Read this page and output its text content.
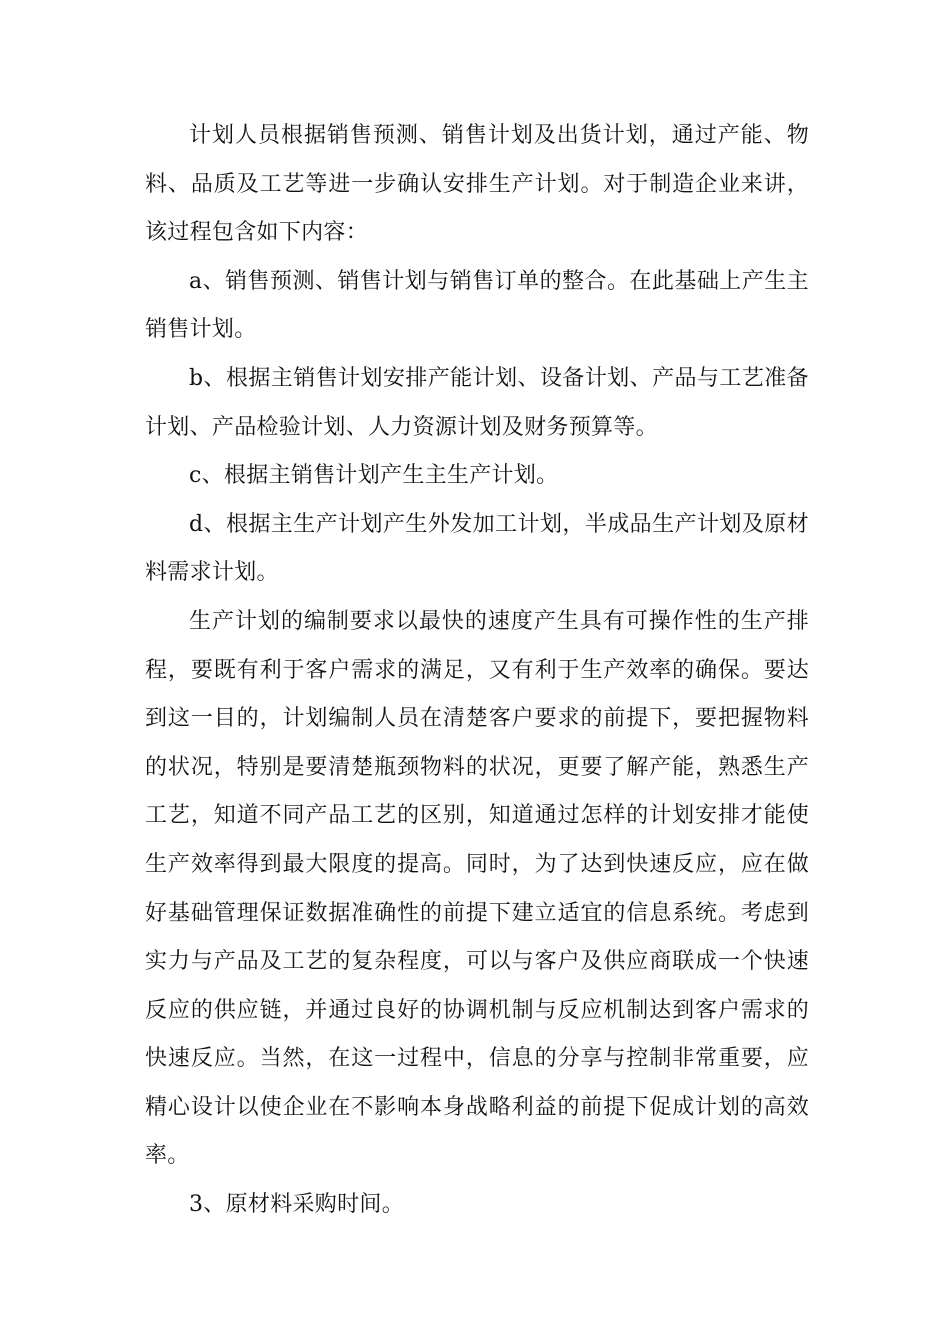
计划人员根据销售预测、销售计划及出货计划，通过产能、物料、品质及工艺等进一步确认安排生产计划。对于制造企业来讲，该过程包含如下内容：

a、销售预测、销售计划与销售订单的整合。在此基础上产生主销售计划。

b、根据主销售计划安排产能计划、设备计划、产品与工艺准备计划、产品检验计划、人力资源计划及财务预算等。

c、根据主销售计划产生主生产计划。

d、根据主生产计划产生外发加工计划，半成品生产计划及原材料需求计划。

生产计划的编制要求以最快的速度产生具有可操作性的生产排程，要既有利于客户需求的满足，又有利于生产效率的确保。要达到这一目的，计划编制人员在清楚客户要求的前提下，要把握物料的状况，特别是要清楚瓶颈物料的状况，更要了解产能，熟悉生产工艺，知道不同产品工艺的区别，知道通过怎样的计划安排才能使生产效率得到最大限度的提高。同时，为了达到快速反应，应在做好基础管理保证数据准确性的前提下建立适宜的信息系统。考虑到实力与产品及工艺的复杂程度，可以与客户及供应商联成一个快速反应的供应链，并通过良好的协调机制与反应机制达到客户需求的快速反应。当然，在这一过程中，信息的分享与控制非常重要，应精心设计以使企业在不影响本身战略利益的前提下促成计划的高效率。

3、原材料采购时间。
